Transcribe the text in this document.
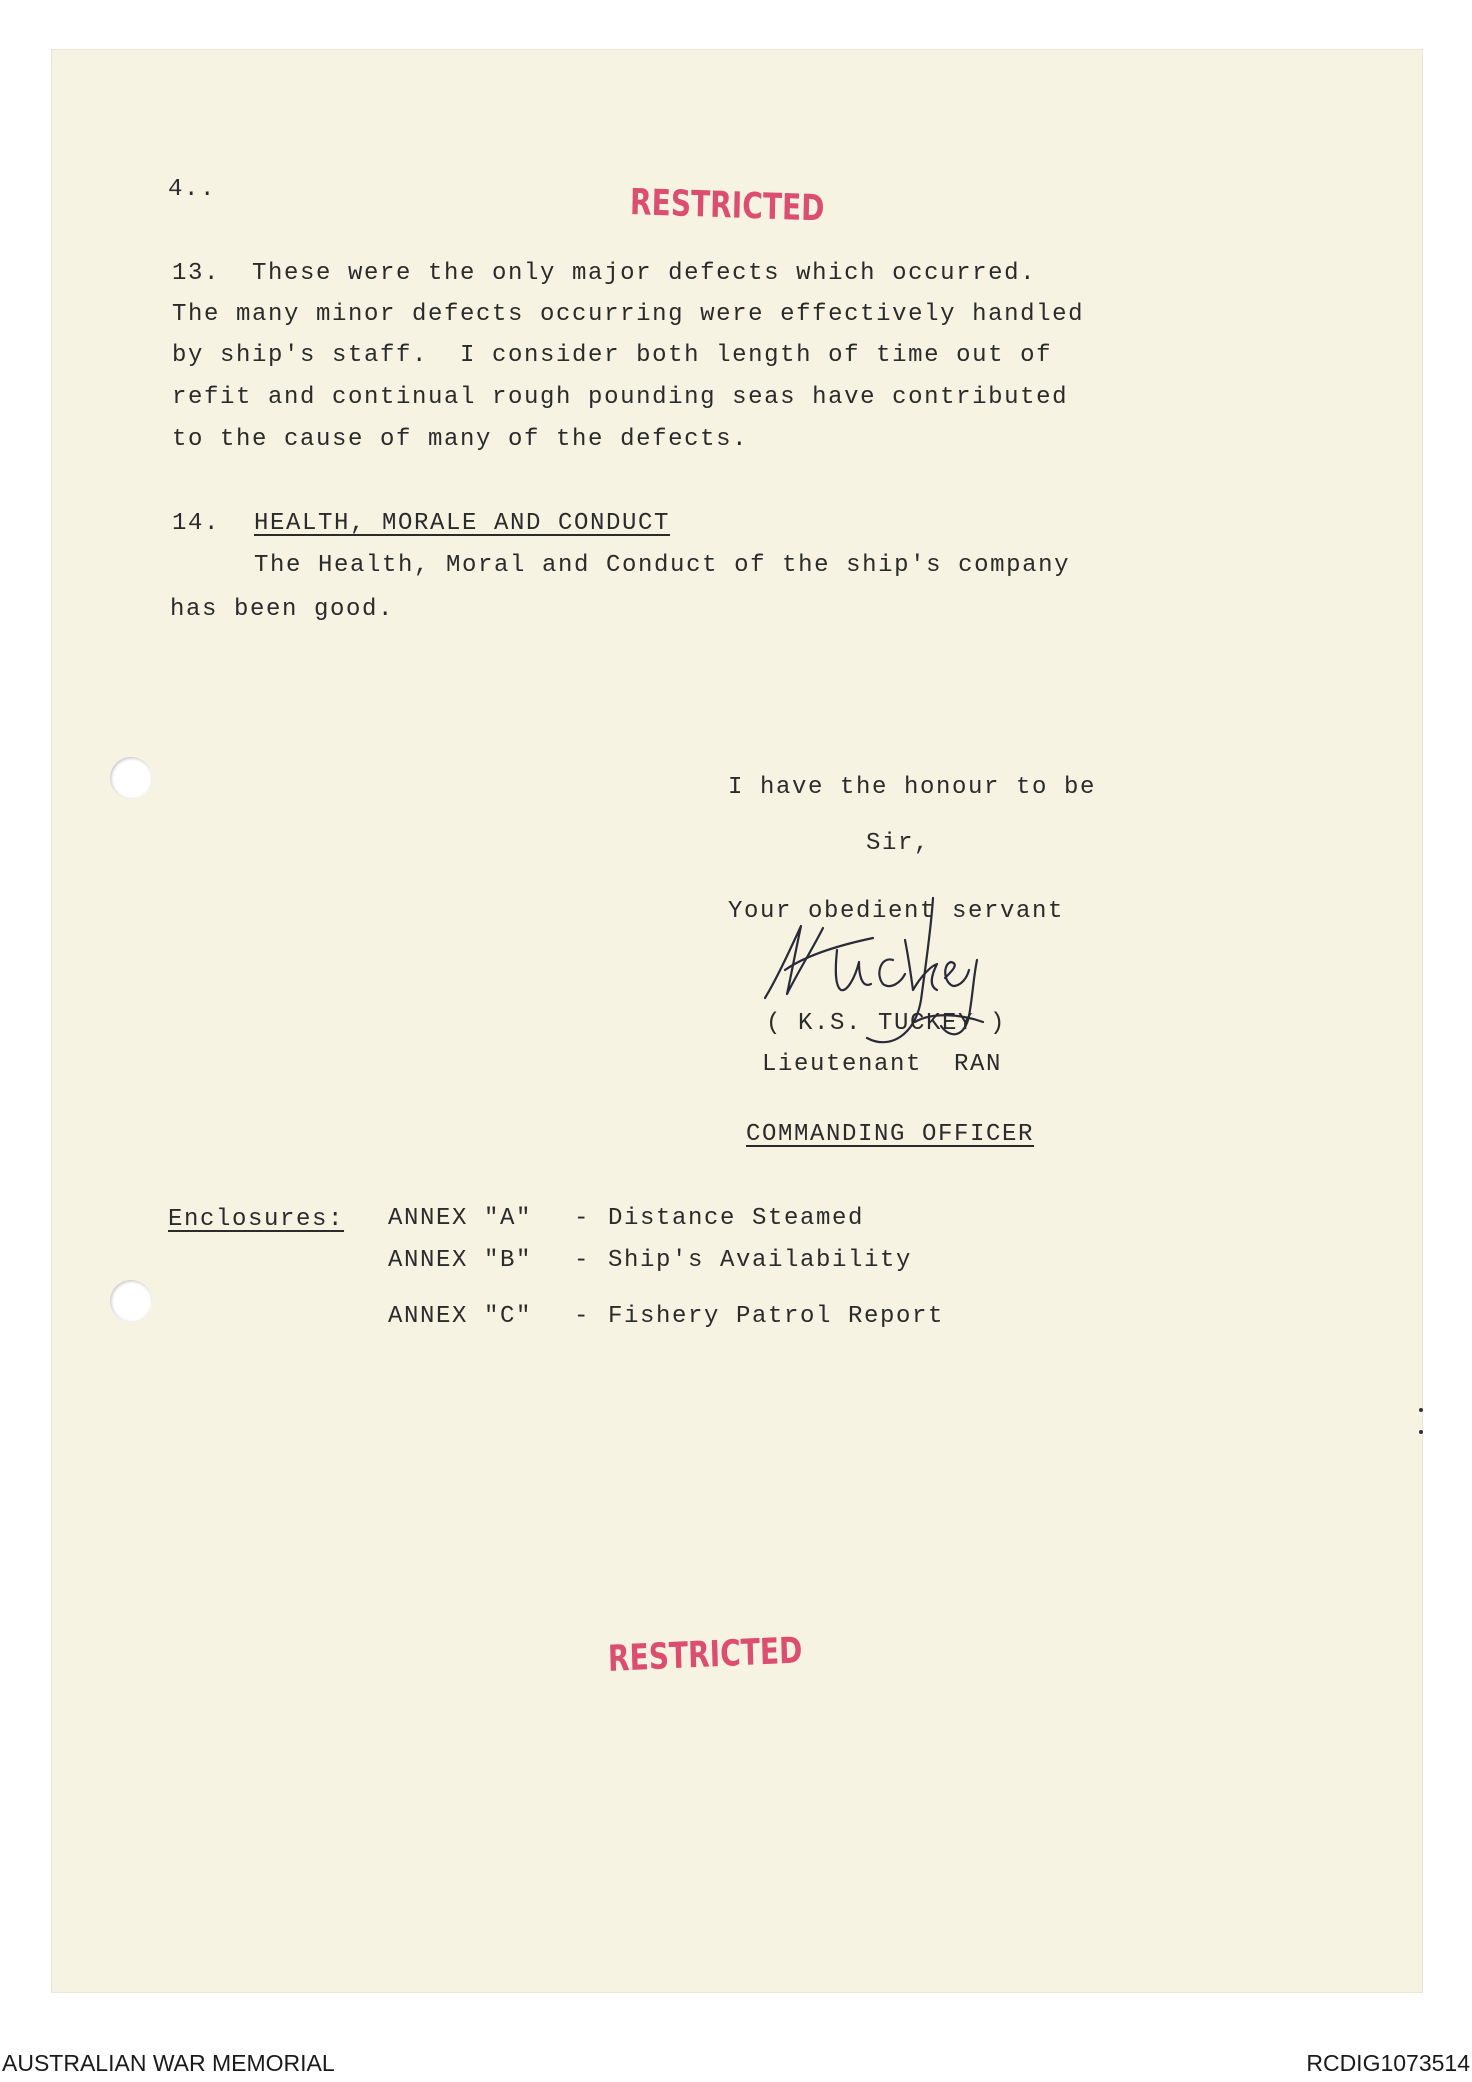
4..	RESTRICTED
13.  These were the only major defects which occurred.
The many minor defects occurring were effectively handled
by ship's staff.  I consider both length of time out of
refit and continual rough pounding seas have contributed
to the cause of many of the defects.
14. HEALTH, MORALE AND CONDUCT
The Health, Moral and Conduct of the ship's company
has been good.
I have the honour to be
Sir,
Your obedient servant
( K.S. TUCKEY )
Lieutenant  RAN
COMMANDING OFFICER
Enclosures: ANNEX "A" - Distance Steamed
ANNEX "B" - Ship's Availability
ANNEX "C" - Fishery Patrol Report
RESTRICTED
AUSTRALIAN WAR MEMORIAL	RCDIG1073514
